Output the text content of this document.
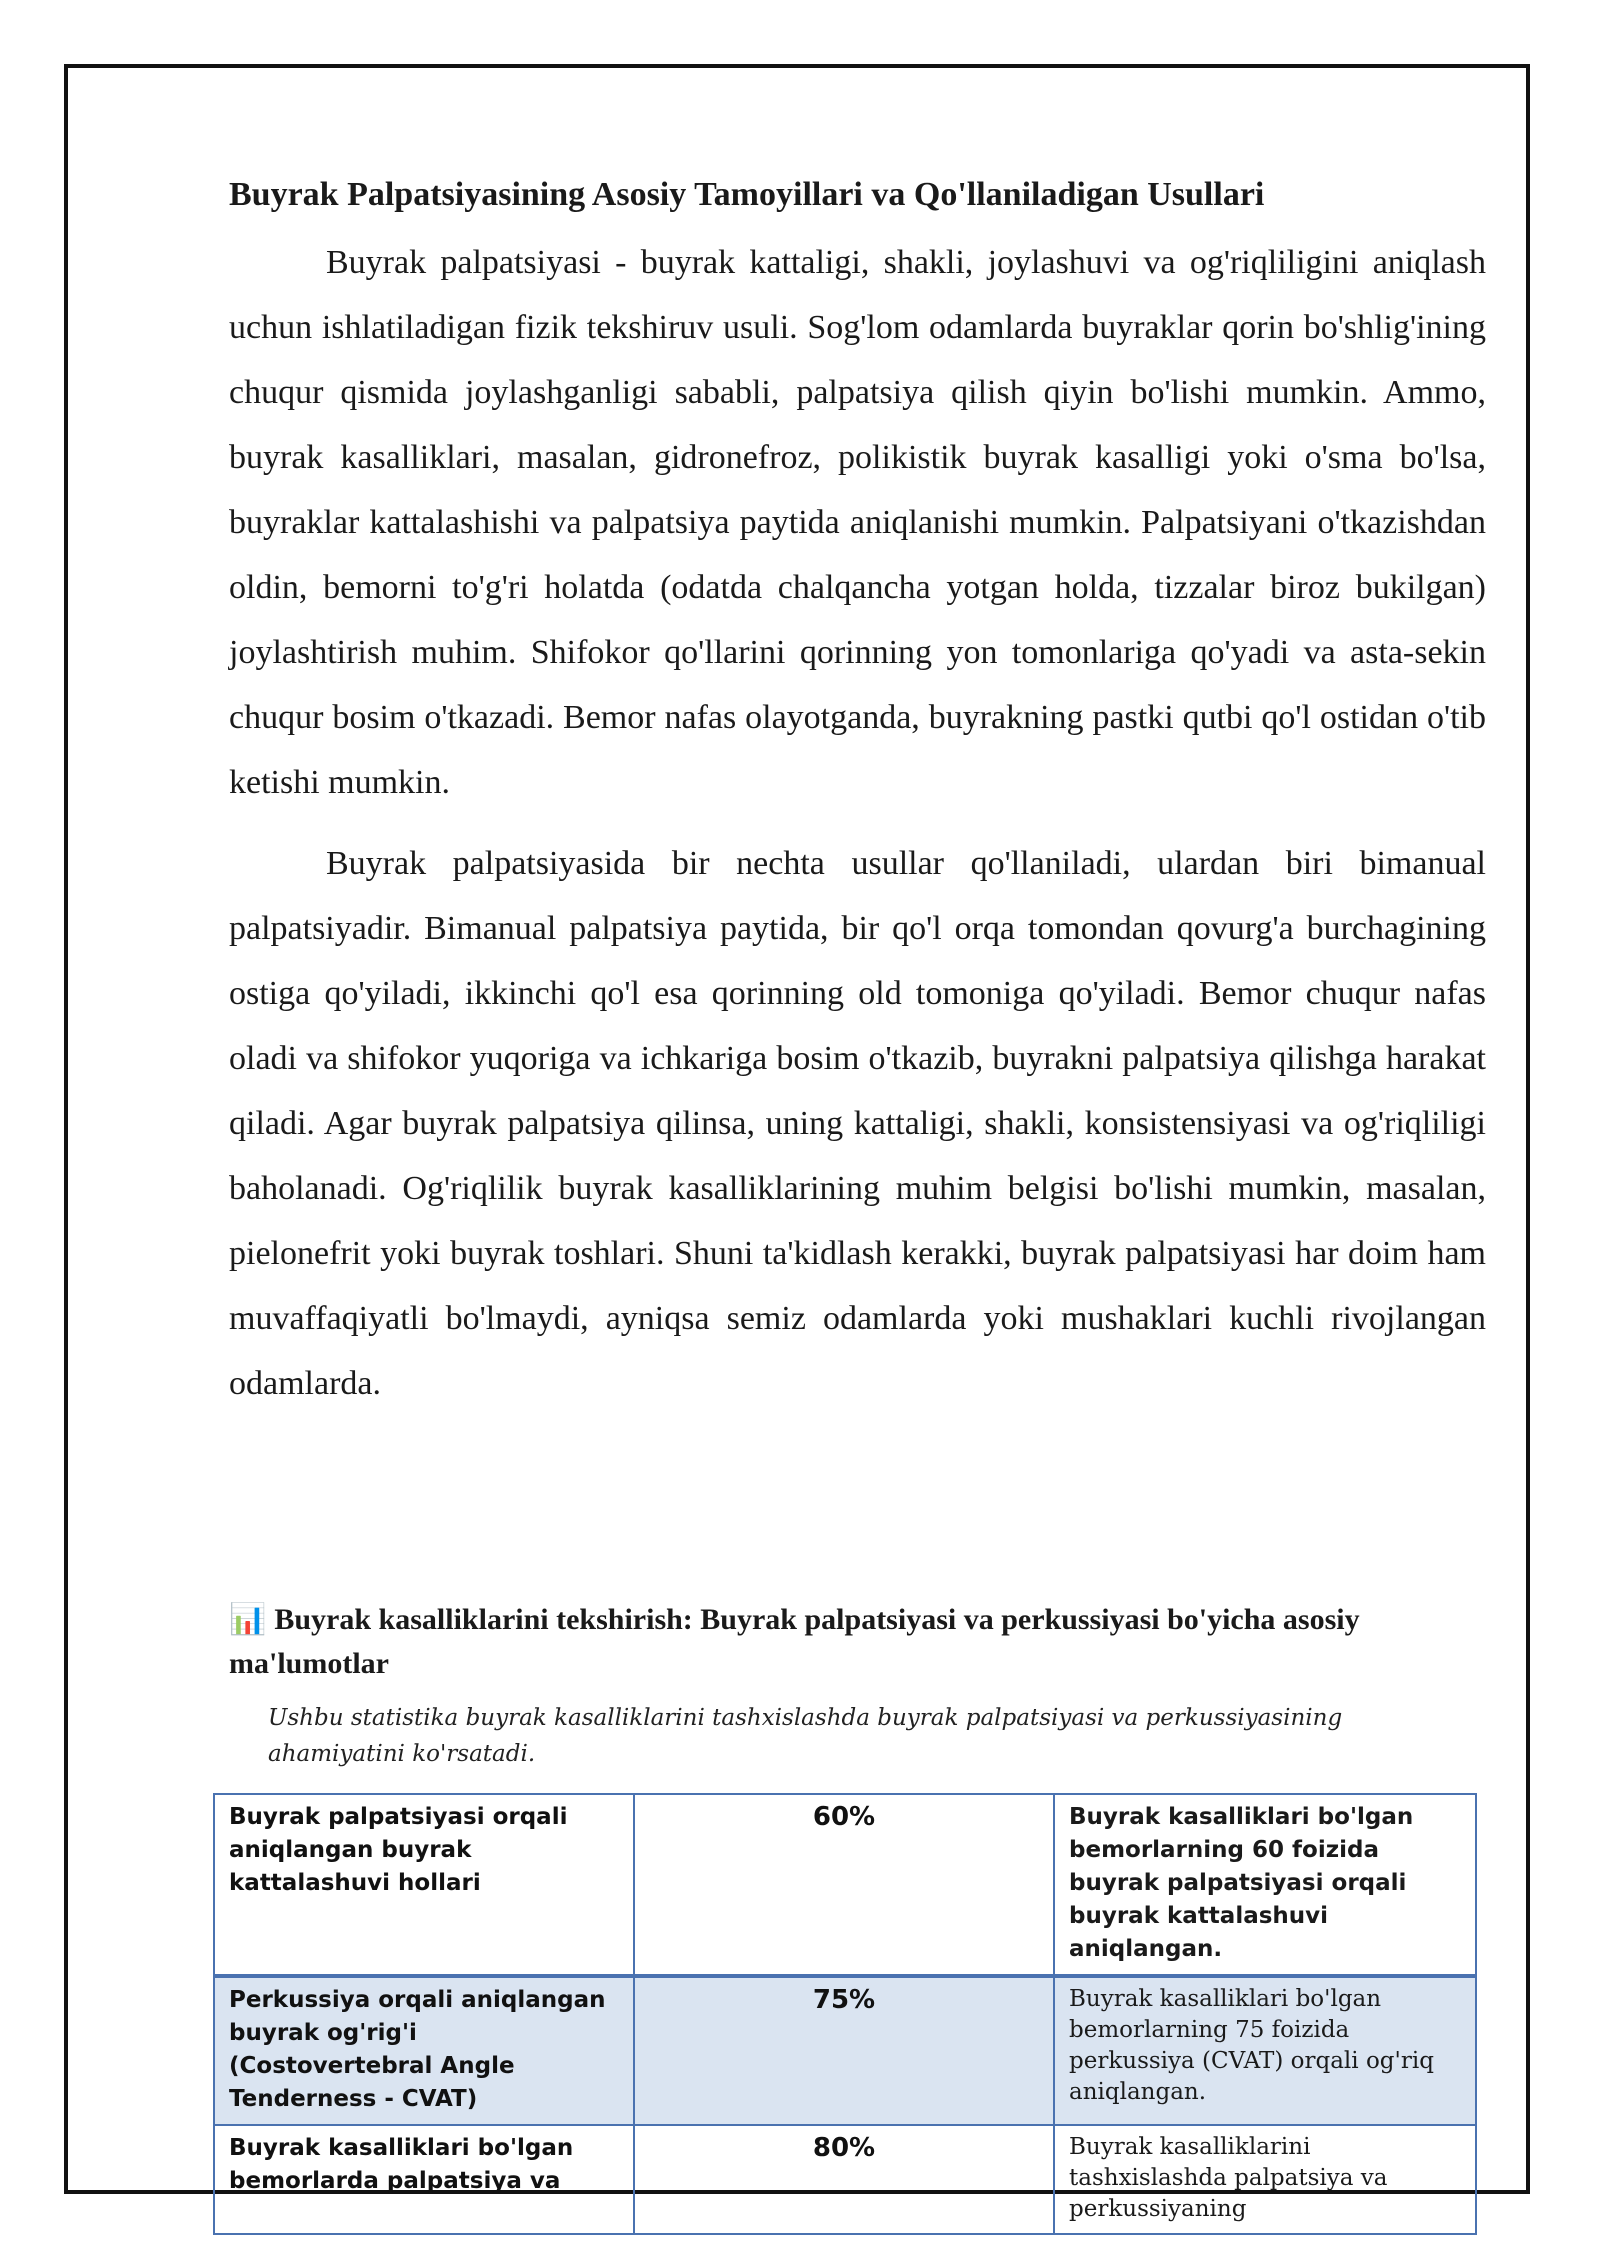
Buyrak Palpatsiyasining Asosiy Tamoyillari va Qo'llaniladigan Usullari

Buyrak palpatsiyasi - buyrak kattaligi, shakli, joylashuvi va og'riqliligini aniqlash uchun ishlatiladigan fizik tekshiruv usuli. Sog'lom odamlarda buyraklar qorin bo'shlig'ining chuqur qismida joylashganligi sababli, palpatsiya qilish qiyin bo'lishi mumkin. Ammo, buyrak kasalliklari, masalan, gidronefroz, polikistik buyrak kasalligi yoki o'sma bo'lsa, buyraklar kattalashishi va palpatsiya paytida aniqlanishi mumkin. Palpatsiyani o'tkazishdan oldin, bemorni to'g'ri holatda (odatda chalqancha yotgan holda, tizzalar biroz bukilgan) joylashtirish muhim. Shifokor qo'llarini qorinning yon tomonlariga qo'yadi va asta-sekin chuqur bosim o'tkazadi. Bemor nafas olayotganda, buyrakning pastki qutbi qo'l ostidan o'tib ketishi mumkin.

Buyrak palpatsiyasida bir nechta usullar qo'llaniladi, ulardan biri bimanual palpatsiyadir. Bimanual palpatsiya paytida, bir qo'l orqa tomondan qovurg'a burchagining ostiga qo'yiladi, ikkinchi qo'l esa qorinning old tomoniga qo'yiladi. Bemor chuqur nafas oladi va shifokor yuqoriga va ichkariga bosim o'tkazib, buyrakni palpatsiya qilishga harakat qiladi. Agar buyrak palpatsiya qilinsa, uning kattaligi, shakli, konsistensiyasi va og'riqliligi baholanadi. Og'riqlilik buyrak kasalliklarining muhim belgisi bo'lishi mumkin, masalan, pielonefrit yoki buyrak toshlari. Shuni ta'kidlash kerakki, buyrak palpatsiyasi har doim ham muvaffaqiyatli bo'lmaydi, ayniqsa semiz odamlarda yoki mushaklari kuchli rivojlangan odamlarda.

📊 Buyrak kasalliklarini tekshirish: Buyrak palpatsiyasi va perkussiyasi bo'yicha asosiy ma'lumotlar

Ushbu statistika buyrak kasalliklarini tashxislashda buyrak palpatsiyasi va perkussiyasining ahamiyatini ko'rsatadi.

Buyrak palpatsiyasi orqali aniqlangan buyrak kattalashuvi hollari	60%	Buyrak kasalliklari bo'lgan bemorlarning 60 foizida buyrak palpatsiyasi orqali buyrak kattalashuvi aniqlangan.
Perkussiya orqali aniqlangan buyrak og'rig'i (Costovertebral Angle Tenderness - CVAT)	75%	Buyrak kasalliklari bo'lgan bemorlarning 75 foizida perkussiya (CVAT) orqali og'riq aniqlangan.
Buyrak kasalliklari bo'lgan bemorlarda palpatsiya va	80%	Buyrak kasalliklarini tashxislashda palpatsiya va perkussiyaning
